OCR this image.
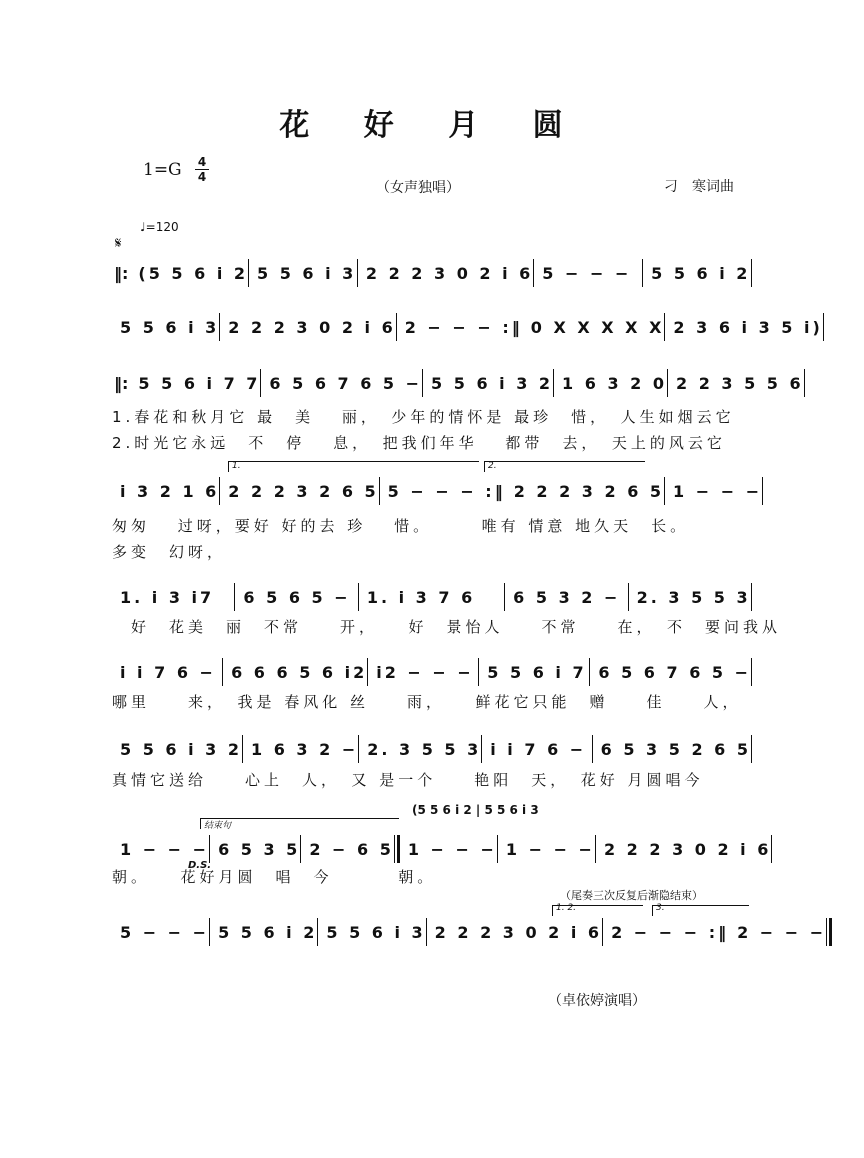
花 好 月 圆
1=G 4
4
（女声独唱）	刁　寒词曲
♩=120
𝄋
‖: (5 5 6 i 2 5 5 6 i 3 2 2 2 3 0 2 i 6 5 − − −	5 5 6 i 2
5 5 6 i 3 2 2 2 3 0 2 i 6 2 − − − :‖ 0 X X X X X 2 3 6 i 3 5 i)
‖: 5 5 6 i 7 7 6 5 6 7 6 5 − 5 5 6 i 3 2 1 6 3 2 0 2 2 3 5 5 6
1.春花和秋月它 最　美　 丽，　少年的情怀是 最珍　惜，　人生如烟云它
2.时光它永远　不　停　 息，　把我们年华　 都带　去，　天上的风云它
1.	2.
i 3 2 1 6 2 2 2 3 2 6 5 5 − − − :‖ 2 2 2 3 2 6 5 1 − − −
匆匆　 过呀，要好 好的去 珍　 惜。　　　唯有 情意 地久天　长。
多变　幻呀，
1. i 3 i7	6 5 6 5 −	1. i 3 7 6	6 5 3 2 −	2. 3 5 5 3
　好　花美　丽　不常　　开，　　好　景怡人　　不常　　在，　不　要问我从
i i 7 6 − 6 6 6 5 6 i2 i2 − − − 5 5 6 i 7 6 5 6 7 6 5 −
哪里　　来，　我是 春风化 丝　　雨，　　鲜花它只能　赠　　佳　　人，
5 5 6 i 3 2 1 6 3 2 − 2. 3 5 5 3 i i 7 6 − 6 5 3 5 2 6 5
真情它送给　　心上　人，　又 是一个　　艳阳　天，　花好 月圆唱今
结束句
(5 5 6 i 2 | 5 5 6 i 3
1 − − − 6 5 3 5 2 − 6 5 1 − − − 1 − − − 2 2 2 3 0 2 i 6
D.S.
朝。　　花好月圆　唱　今　　　 朝。
（尾奏三次反复后渐隐结束）
1. 2.	3.
5 − − − 5 5 6 i 2 5 5 6 i 3 2 2 2 3 0 2 i 6 2 − − − :‖ 2 − − −
（卓依婷演唱）
